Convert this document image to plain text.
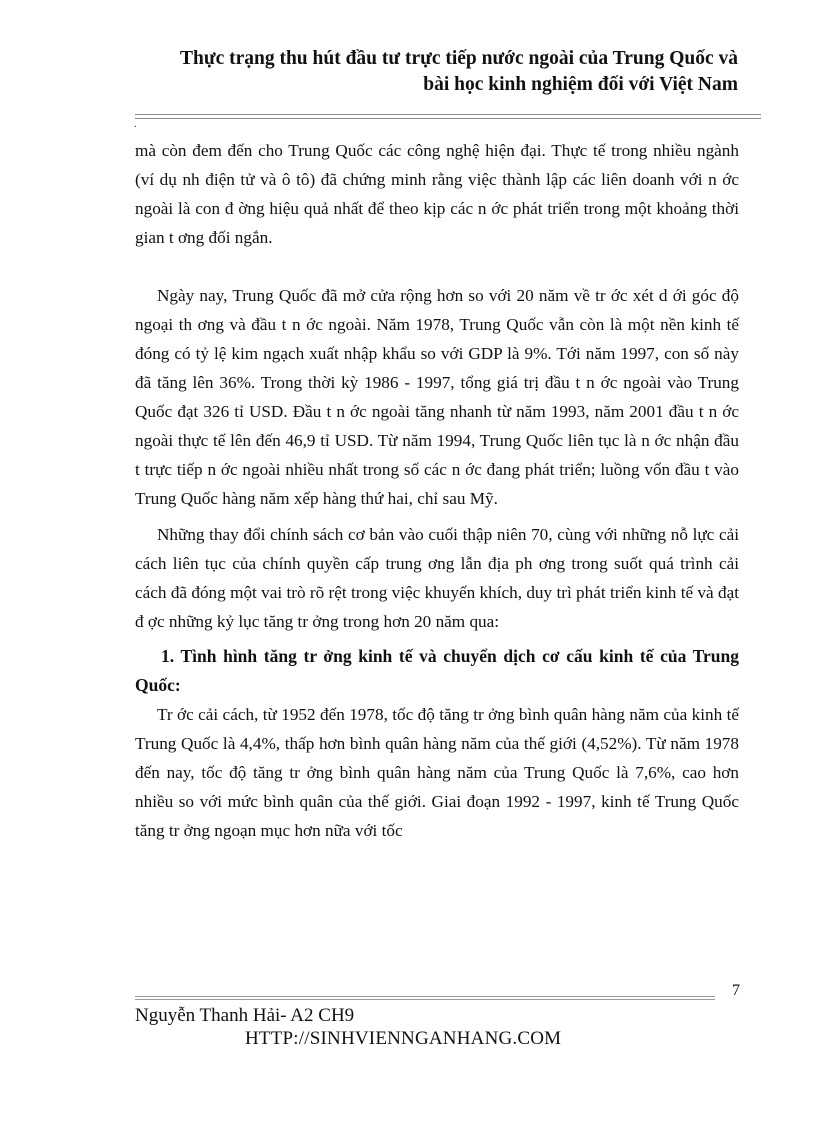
Thực trạng thu hút đầu tư trực tiếp nước ngoài của Trung Quốc và
bài học kinh nghiệm đối với Việt Nam
.

mà còn đem đến cho Trung Quốc các công nghệ hiện đại. Thực tế trong nhiều ngành (ví dụ nh điện tử và ô tô) đã chứng minh rằng việc thành lập các liên doanh với n ớc ngoài là con đ ờng hiệu quả nhất để theo kịp các n ớc phát triển trong một khoảng thời gian t ơng đối ngắn.

Ngày nay, Trung Quốc đã mở cửa rộng hơn so với 20 năm về tr ớc xét d ới góc độ ngoại th ơng và đầu t n ớc ngoài. Năm 1978, Trung Quốc vẫn còn là một nền kinh tế đóng có tỷ lệ kim ngạch xuất nhập khẩu so với GDP là 9%. Tới năm 1997, con số này đã tăng lên 36%. Trong thời kỳ 1986 - 1997, tổng giá trị đầu t n ớc ngoài vào Trung Quốc đạt 326 tỉ USD. Đầu t n ớc ngoài tăng nhanh từ năm 1993, năm 2001 đầu t n ớc ngoài thực tế lên đến 46,9 tỉ USD. Từ năm 1994, Trung Quốc liên tục là n ớc nhận đầu t trực tiếp n ớc ngoài nhiều nhất trong số các n ớc đang phát triển; luồng vốn đầu t vào Trung Quốc hàng năm xếp hàng thứ hai, chỉ sau Mỹ.

Những thay đổi chính sách cơ bản vào cuối thập niên 70, cùng với những nỗ lực cải cách liên tục của chính quyền cấp trung ơng lẫn địa ph ơng trong suốt quá trình cải cách đã đóng một vai trò rõ rệt trong việc khuyến khích, duy trì phát triển kinh tế và đạt đ ợc những kỷ lục tăng tr ởng trong hơn 20 năm qua:

1. Tình hình tăng tr ởng kinh tế và chuyển dịch cơ cấu kinh tế của Trung Quốc:

Tr ớc cải cách, từ 1952 đến 1978, tốc độ tăng tr ởng bình quân hàng năm của kinh tế Trung Quốc là 4,4%, thấp hơn bình quân hàng năm của thế giới (4,52%). Từ năm 1978 đến nay, tốc độ tăng tr ởng bình quân hàng năm của Trung Quốc là 7,6%, cao hơn nhiều so với mức bình quân của thế giới. Giai đoạn 1992 - 1997, kinh tế Trung Quốc tăng tr ởng ngoạn mục hơn nữa với tốc

7
Nguyễn Thanh Hải- A2 CH9
HTTP://SINHVIENNGANHANG.COM
